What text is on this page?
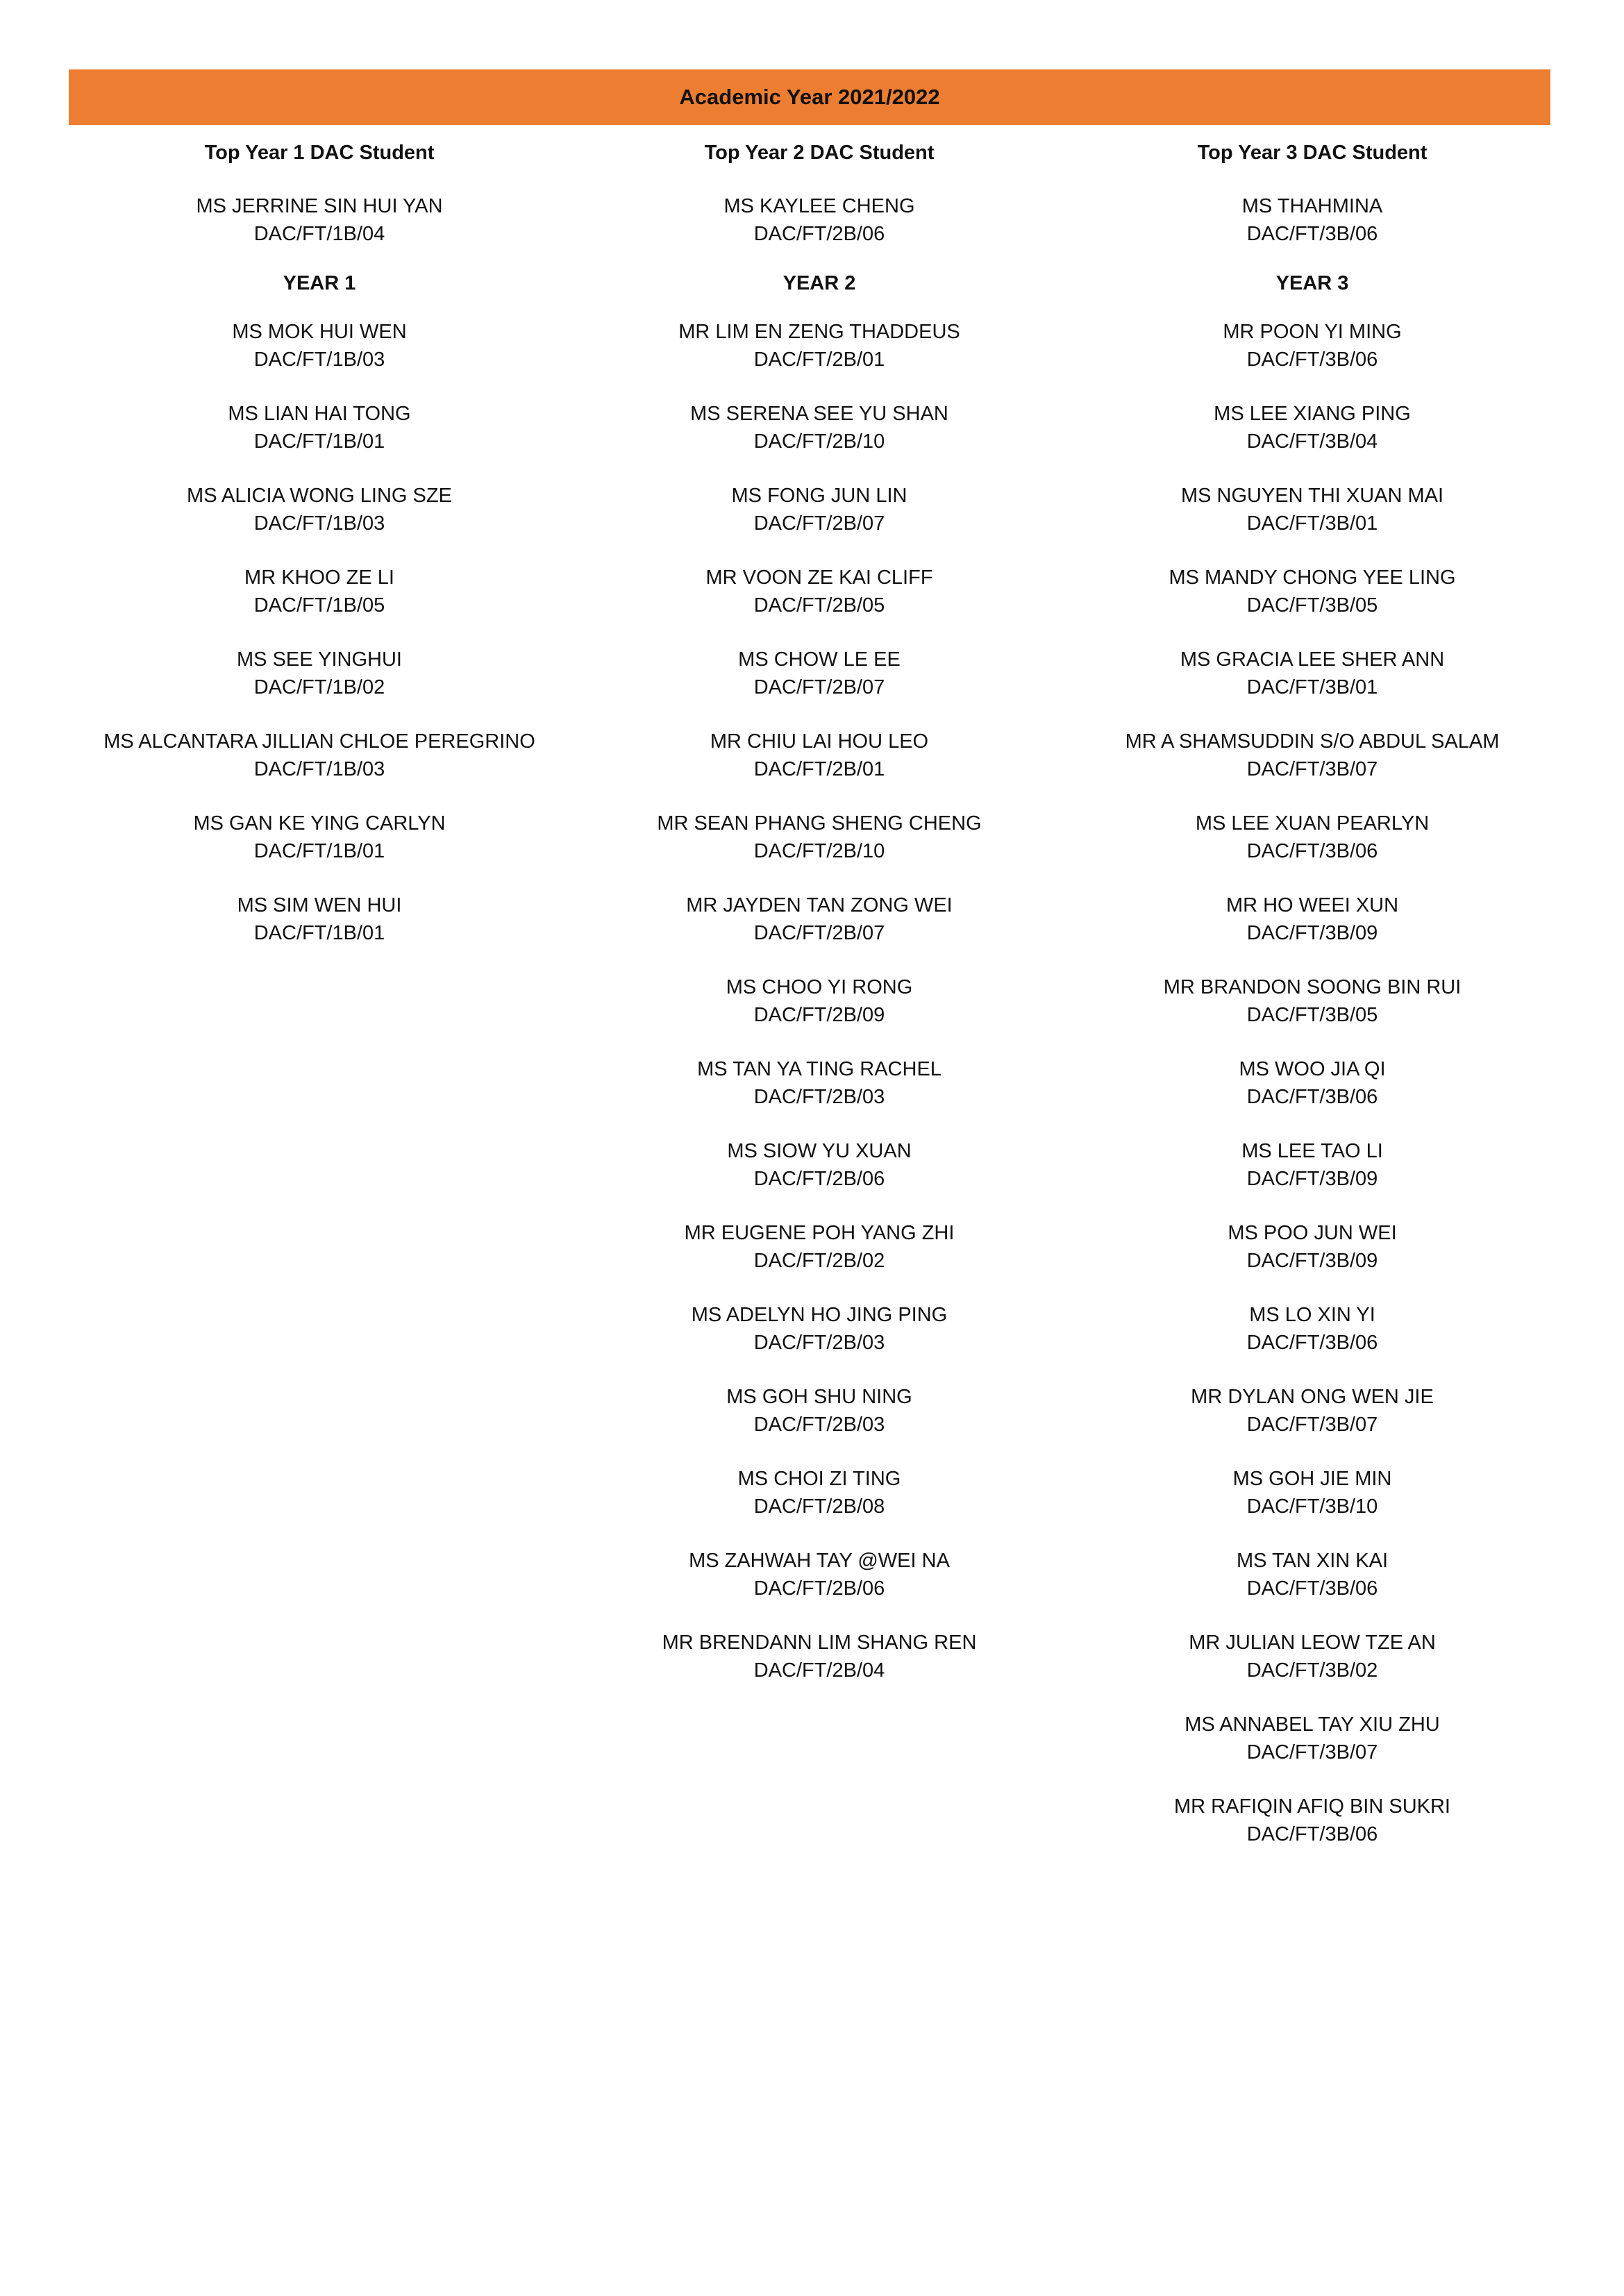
Academic Year 2021/2022
Top Year 1 DAC Student
MS JERRINE SIN HUI YAN
DAC/FT/1B/04
YEAR 1
MS MOK HUI WEN
DAC/FT/1B/03
MS LIAN HAI TONG
DAC/FT/1B/01
MS ALICIA WONG LING SZE
DAC/FT/1B/03
MR KHOO ZE LI
DAC/FT/1B/05
MS SEE YINGHUI
DAC/FT/1B/02
MS ALCANTARA JILLIAN CHLOE PEREGRINO
DAC/FT/1B/03
MS GAN KE YING CARLYN
DAC/FT/1B/01
MS SIM WEN HUI
DAC/FT/1B/01
Top Year 2 DAC Student
MS KAYLEE CHENG
DAC/FT/2B/06
YEAR 2
MR LIM EN ZENG THADDEUS
DAC/FT/2B/01
MS SERENA SEE YU SHAN
DAC/FT/2B/10
MS FONG JUN LIN
DAC/FT/2B/07
MR VOON ZE KAI CLIFF
DAC/FT/2B/05
MS CHOW LE EE
DAC/FT/2B/07
MR CHIU LAI HOU LEO
DAC/FT/2B/01
MR SEAN PHANG SHENG CHENG
DAC/FT/2B/10
MR JAYDEN TAN ZONG WEI
DAC/FT/2B/07
MS CHOO YI RONG
DAC/FT/2B/09
MS TAN YA TING RACHEL
DAC/FT/2B/03
MS SIOW YU XUAN
DAC/FT/2B/06
MR EUGENE POH YANG ZHI
DAC/FT/2B/02
MS ADELYN HO JING PING
DAC/FT/2B/03
MS GOH SHU NING
DAC/FT/2B/03
MS CHOI ZI TING
DAC/FT/2B/08
MS ZAHWAH TAY @WEI NA
DAC/FT/2B/06
MR BRENDANN LIM SHANG REN
DAC/FT/2B/04
Top Year 3 DAC Student
MS THAHMINA
DAC/FT/3B/06
YEAR 3
MR POON YI MING
DAC/FT/3B/06
MS LEE XIANG PING
DAC/FT/3B/04
MS NGUYEN THI XUAN MAI
DAC/FT/3B/01
MS MANDY CHONG YEE LING
DAC/FT/3B/05
MS GRACIA LEE SHER ANN
DAC/FT/3B/01
MR A SHAMSUDDIN S/O ABDUL SALAM
DAC/FT/3B/07
MS LEE XUAN PEARLYN
DAC/FT/3B/06
MR HO WEEI XUN
DAC/FT/3B/09
MR BRANDON SOONG BIN RUI
DAC/FT/3B/05
MS WOO JIA QI
DAC/FT/3B/06
MS LEE TAO LI
DAC/FT/3B/09
MS POO JUN WEI
DAC/FT/3B/09
MS LO XIN YI
DAC/FT/3B/06
MR DYLAN ONG WEN JIE
DAC/FT/3B/07
MS GOH JIE MIN
DAC/FT/3B/10
MS TAN XIN KAI
DAC/FT/3B/06
MR JULIAN LEOW TZE AN
DAC/FT/3B/02
MS ANNABEL TAY XIU ZHU
DAC/FT/3B/07
MR RAFIQIN AFIQ BIN SUKRI
DAC/FT/3B/06
